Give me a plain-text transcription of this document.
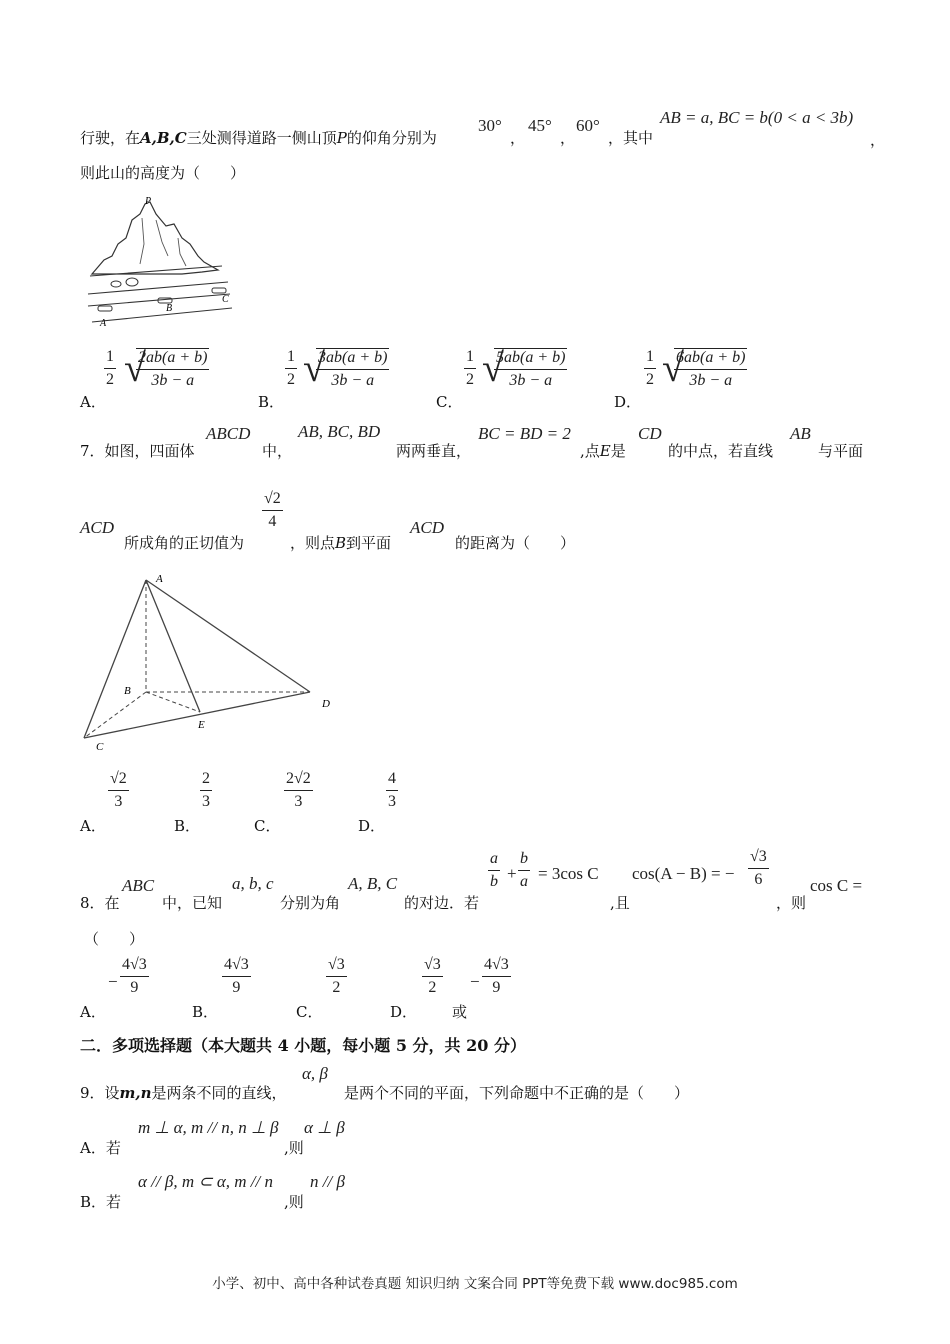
行驶，在A,B,C三处测得道路一侧山顶P的仰角分别为
30°
，
45°
，
60°
，其中
AB = a, BC = b(0 < a < 3b)
，
则此山的高度为（　　）
P
A
B
C
A．
1
2 √
2ab(a + b)
3b − a
B．
1
2 √
3ab(a + b)
3b − a
C．
1
2 √
5ab(a + b)
3b − a
D．
1
2 √
6ab(a + b)
3b − a
7．如图，四面体
ABCD
中，
AB, BC, BD
两两垂直，
BC = BD = 2
,点E是
CD
的中点，若直线
AB
与平面
ACD
所成角的正切值为
√2
4
，则点B到平面
ACD
的距离为（　　）
A
B
C
D
E
A．
√2
3
B．
2
3
C．
2√2
3
D．
4
3
8．在
ABC
中，已知
a, b, c
分别为角
A, B, C
的对边．若
a
b +
b
a = 3cos C
,且
cos(A − B) = −
√3
6
，则
cos C =
（　　）
A．
−
4√3
9
B．
4√3
9
C．
√3
2
D．
√3
2
或
−
4√3
9
二．多项选择题（本大题共 4 小题，每小题 5 分，共 20 分）
9．设m,n是两条不同的直线，
α, β
是两个不同的平面，下列命题中不正确的是（　　）
A．若
m ⊥ α, m // n, n ⊥ β
,则
α ⊥ β
B．若
α // β, m ⊂ α, m // n
,则
n // β
小学、初中、高中各种试卷真题 知识归纳 文案合同 PPT等免费下载 www.doc985.com
